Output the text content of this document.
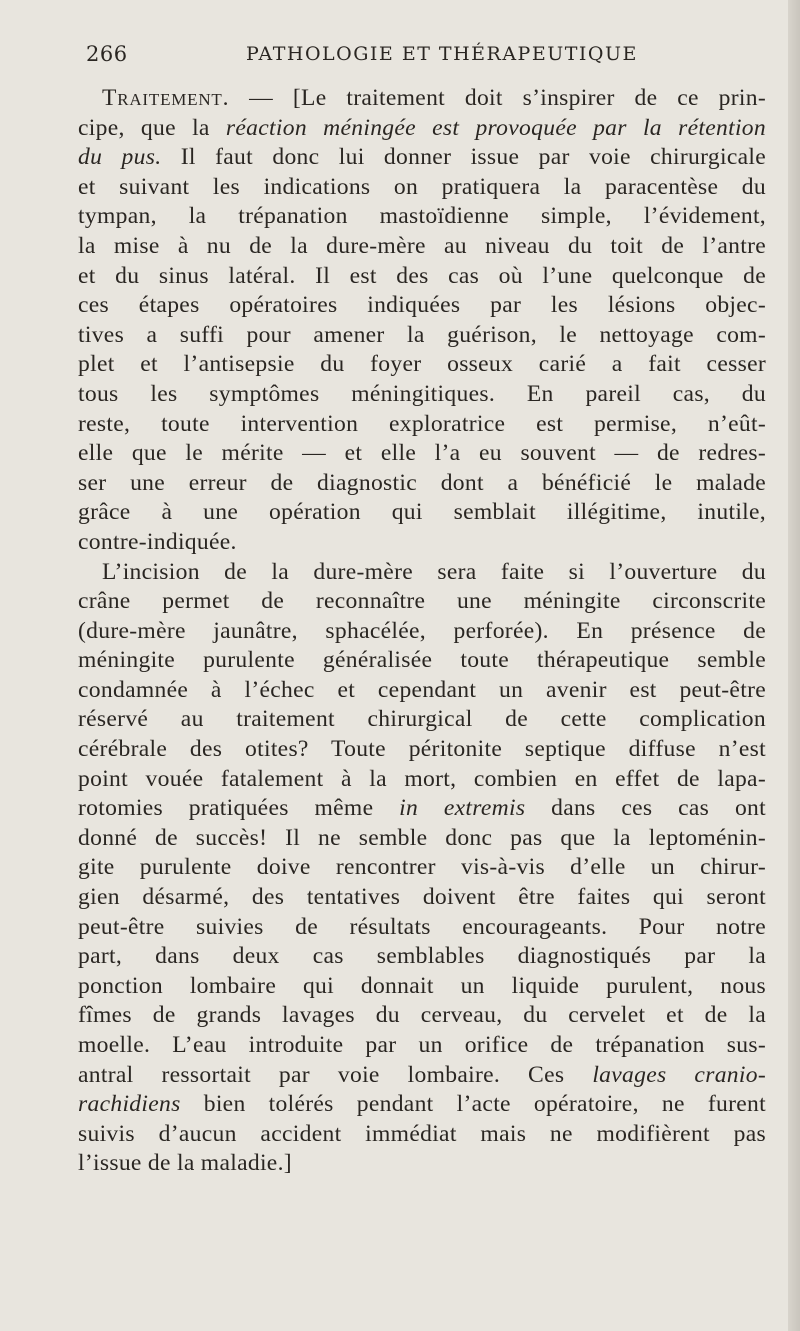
266	PATHOLOGIE ET THÉRAPEUTIQUE
Traitement. — [Le traitement doit s’inspirer de ce prin-
cipe, que la réaction méningée est provoquée par la rétention
du pus. Il faut donc lui donner issue par voie chirurgicale
et suivant les indications on pratiquera la paracentèse du
tympan, la trépanation mastoïdienne simple, l’évidement,
la mise à nu de la dure-mère au niveau du toit de l’antre
et du sinus latéral. Il est des cas où l’une quelconque de
ces étapes opératoires indiquées par les lésions objec-
tives a suffi pour amener la guérison, le nettoyage com-
plet et l’antisepsie du foyer osseux carié a fait cesser
tous les symptômes méningitiques. En pareil cas, du
reste, toute intervention exploratrice est permise, n’eût-
elle que le mérite — et elle l’a eu souvent — de redres-
ser une erreur de diagnostic dont a bénéficié le malade
grâce à une opération qui semblait illégitime, inutile,
contre-indiquée.
L’incision de la dure-mère sera faite si l’ouverture du
crâne permet de reconnaître une méningite circonscrite
(dure-mère jaunâtre, sphacélée, perforée). En présence de
méningite purulente généralisée toute thérapeutique semble
condamnée à l’échec et cependant un avenir est peut-être
réservé au traitement chirurgical de cette complication
cérébrale des otites? Toute péritonite septique diffuse n’est
point vouée fatalement à la mort, combien en effet de lapa-
rotomies pratiquées même in extremis dans ces cas ont
donné de succès! Il ne semble donc pas que la leptoménin-
gite purulente doive rencontrer vis-à-vis d’elle un chirur-
gien désarmé, des tentatives doivent être faites qui seront
peut-être suivies de résultats encourageants. Pour notre
part, dans deux cas semblables diagnostiqués par la
ponction lombaire qui donnait un liquide purulent, nous
fîmes de grands lavages du cerveau, du cervelet et de la
moelle. L’eau introduite par un orifice de trépanation sus-
antral ressortait par voie lombaire. Ces lavages cranio-
rachidiens bien tolérés pendant l’acte opératoire, ne furent
suivis d’aucun accident immédiat mais ne modifièrent pas
l’issue de la maladie.]
